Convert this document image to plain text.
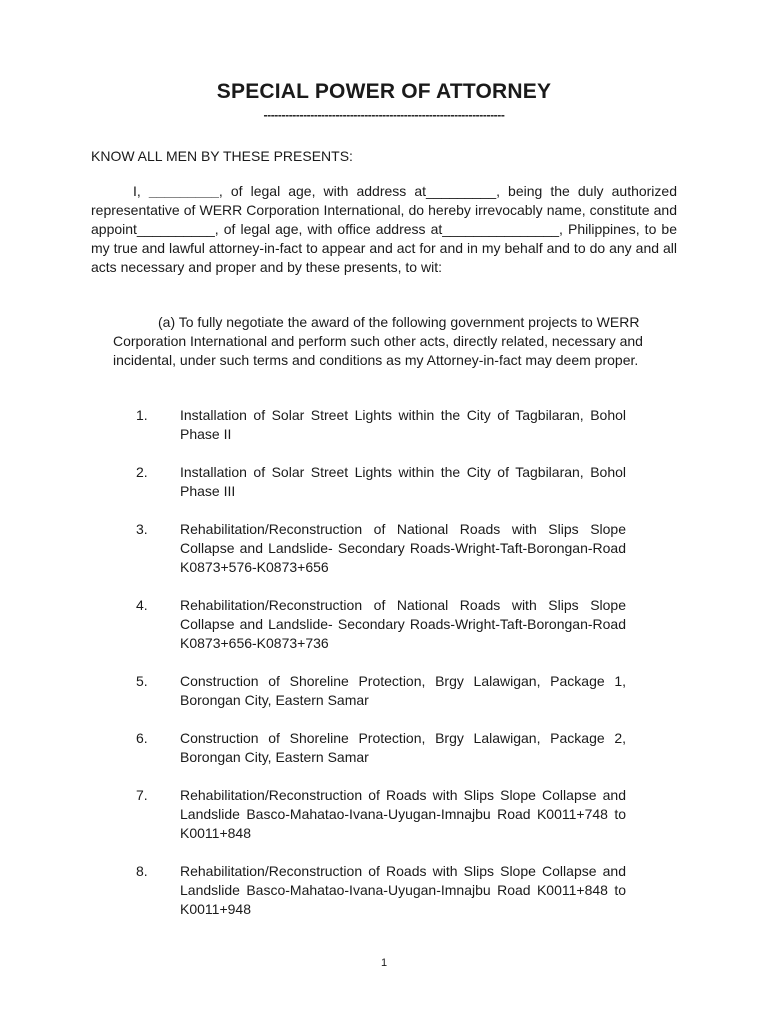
SPECIAL POWER OF ATTORNEY
-------------------------------------------------------------------
KNOW ALL MEN BY THESE PRESENTS:

I, _________, of legal age, with address at_________, being the duly authorized representative of WERR Corporation International, do hereby irrevocably name, constitute and appoint__________, of legal age, with office address at_______________, Philippines, to be my true and lawful attorney-in-fact to appear and act for and in my behalf and to do any and all acts necessary and proper and by these presents, to wit:

(a) To fully negotiate the award of the following government projects to WERR Corporation International and perform such other acts, directly related, necessary and incidental, under such terms and conditions as my Attorney-in-fact may deem proper.

1. Installation of Solar Street Lights within the City of Tagbilaran, Bohol Phase II
2. Installation of Solar Street Lights within the City of Tagbilaran, Bohol Phase III
3. Rehabilitation/Reconstruction of National Roads with Slips Slope Collapse and Landslide- Secondary Roads-Wright-Taft-Borongan-Road K0873+576-K0873+656
4. Rehabilitation/Reconstruction of National Roads with Slips Slope Collapse and Landslide- Secondary Roads-Wright-Taft-Borongan-Road K0873+656-K0873+736
5. Construction of Shoreline Protection, Brgy Lalawigan, Package 1, Borongan City, Eastern Samar
6. Construction of Shoreline Protection, Brgy Lalawigan, Package 2, Borongan City, Eastern Samar
7. Rehabilitation/Reconstruction of Roads with Slips Slope Collapse and Landslide Basco-Mahatao-Ivana-Uyugan-Imnajbu Road K0011+748 to K0011+848
8. Rehabilitation/Reconstruction of Roads with Slips Slope Collapse and Landslide Basco-Mahatao-Ivana-Uyugan-Imnajbu Road K0011+848 to K0011+948
1
